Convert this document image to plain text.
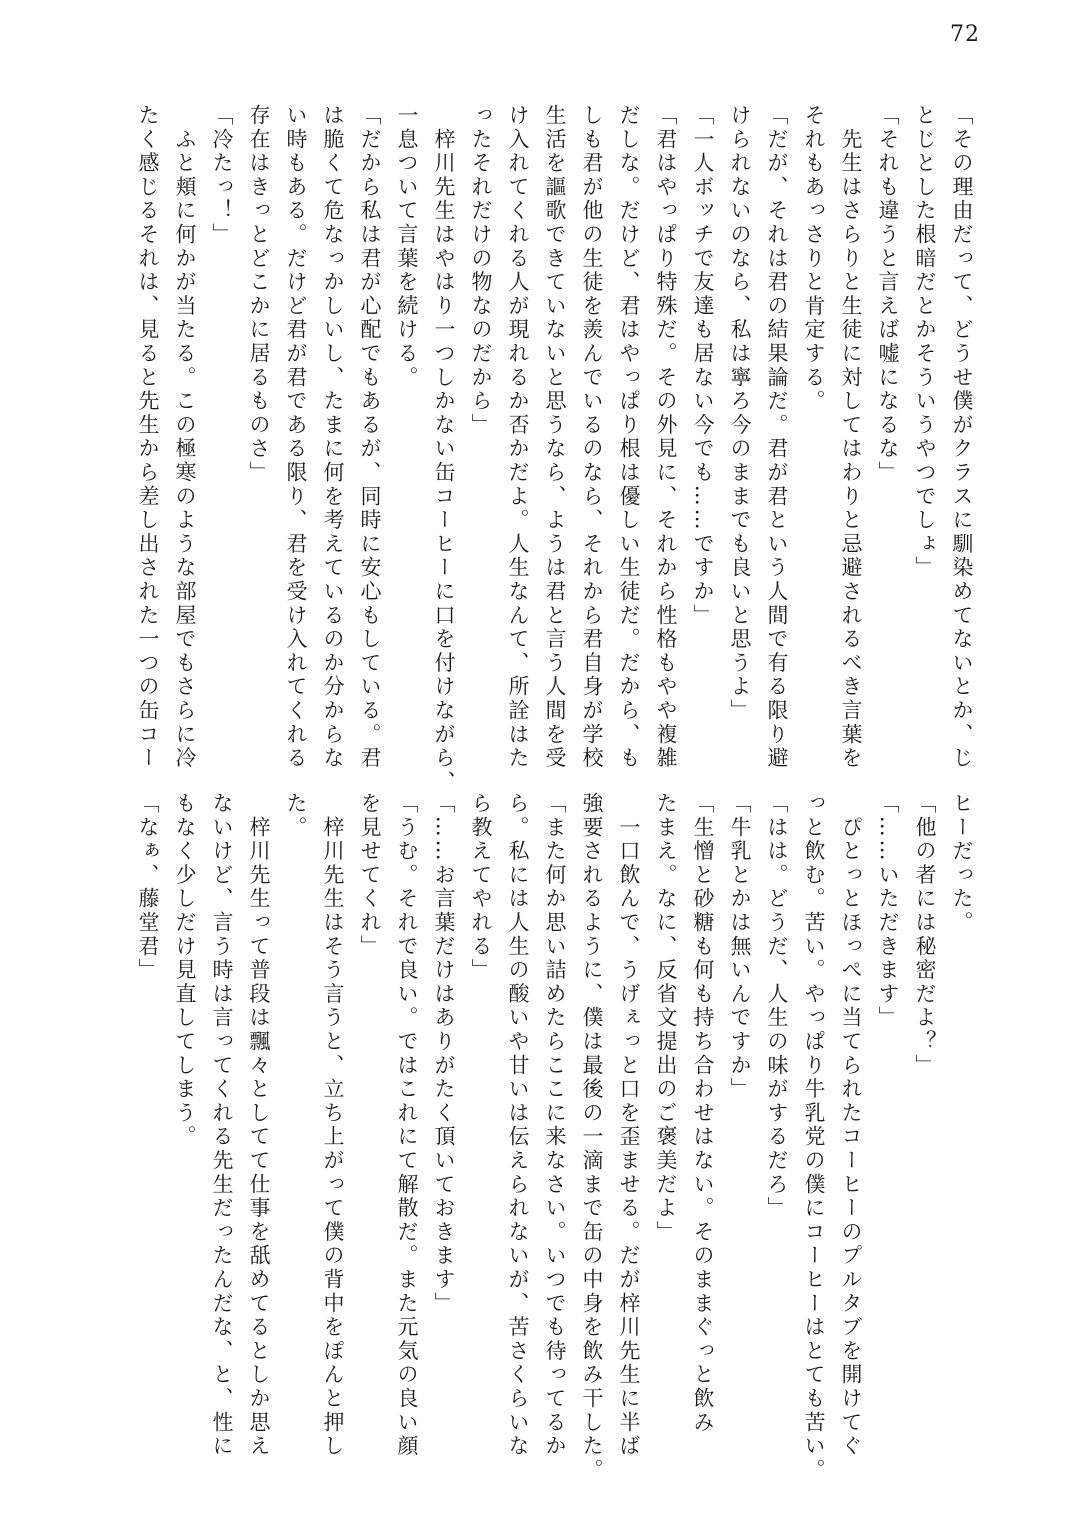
72
「その理由だって、どうせ僕がクラスに馴染めてないとか、じ
とじとした根暗だとかそういうやつでしょ」
「それも違うと言えば嘘になるな」
　先生はさらりと生徒に対してはわりと忌避されるべき言葉を
それもあっさりと肯定する。
「だが、それは君の結果論だ。君が君という人間で有る限り避
けられないのなら、私は寧ろ今のままでも良いと思うよ」
「一人ボッチで友達も居ない今でも……ですか」
「君はやっぱり特殊だ。その外見に、それから性格もやや複雑
だしな。だけど、君はやっぱり根は優しい生徒だ。だから、も
しも君が他の生徒を羨んでいるのなら、それから君自身が学校
生活を謳歌できていないと思うなら、ようは君と言う人間を受
け入れてくれる人が現れるか否かだよ。人生なんて、所詮はた
ったそれだけの物なのだから」
　梓川先生はやはり一つしかない缶コーヒーに口を付けながら、
一息ついて言葉を続ける。
「だから私は君が心配でもあるが、同時に安心もしている。君
は脆くて危なっかしいし、たまに何を考えているのか分からな
い時もある。だけど君が君である限り、君を受け入れてくれる
存在はきっとどこかに居るものさ」
「冷たっ！」
　ふと頬に何かが当たる。この極寒のような部屋でもさらに冷
たく感じるそれは、見ると先生から差し出された一つの缶コー
ヒーだった。
「他の者には秘密だよ？」
「……いただきます」
　ぴとっとほっぺに当てられたコーヒーのプルタブを開けてぐ
っと飲む。苦い。やっぱり牛乳党の僕にコーヒーはとても苦い。
「はは。どうだ、人生の味がするだろ」
「牛乳とかは無いんですか」
「生憎と砂糖も何も持ち合わせはない。そのままぐっと飲み
たまえ。なに、反省文提出のご褒美だよ」
　一口飲んで、うげぇっと口を歪ませる。だが梓川先生に半ば
強要されるように、僕は最後の一滴まで缶の中身を飲み干した。
「また何か思い詰めたらここに来なさい。いつでも待ってるか
ら。私には人生の酸いや甘いは伝えられないが、苦さくらいな
ら教えてやれる」
「……お言葉だけはありがたく頂いておきます」
「うむ。それで良い。ではこれにて解散だ。また元気の良い顔
を見せてくれ」
　梓川先生はそう言うと、立ち上がって僕の背中をぽんと押し
た。
　梓川先生って普段は飄々としてて仕事を舐めてるとしか思え
ないけど、言う時は言ってくれる先生だったんだな、と、性に
もなく少しだけ見直してしまう。
「なぁ、藤堂君」
